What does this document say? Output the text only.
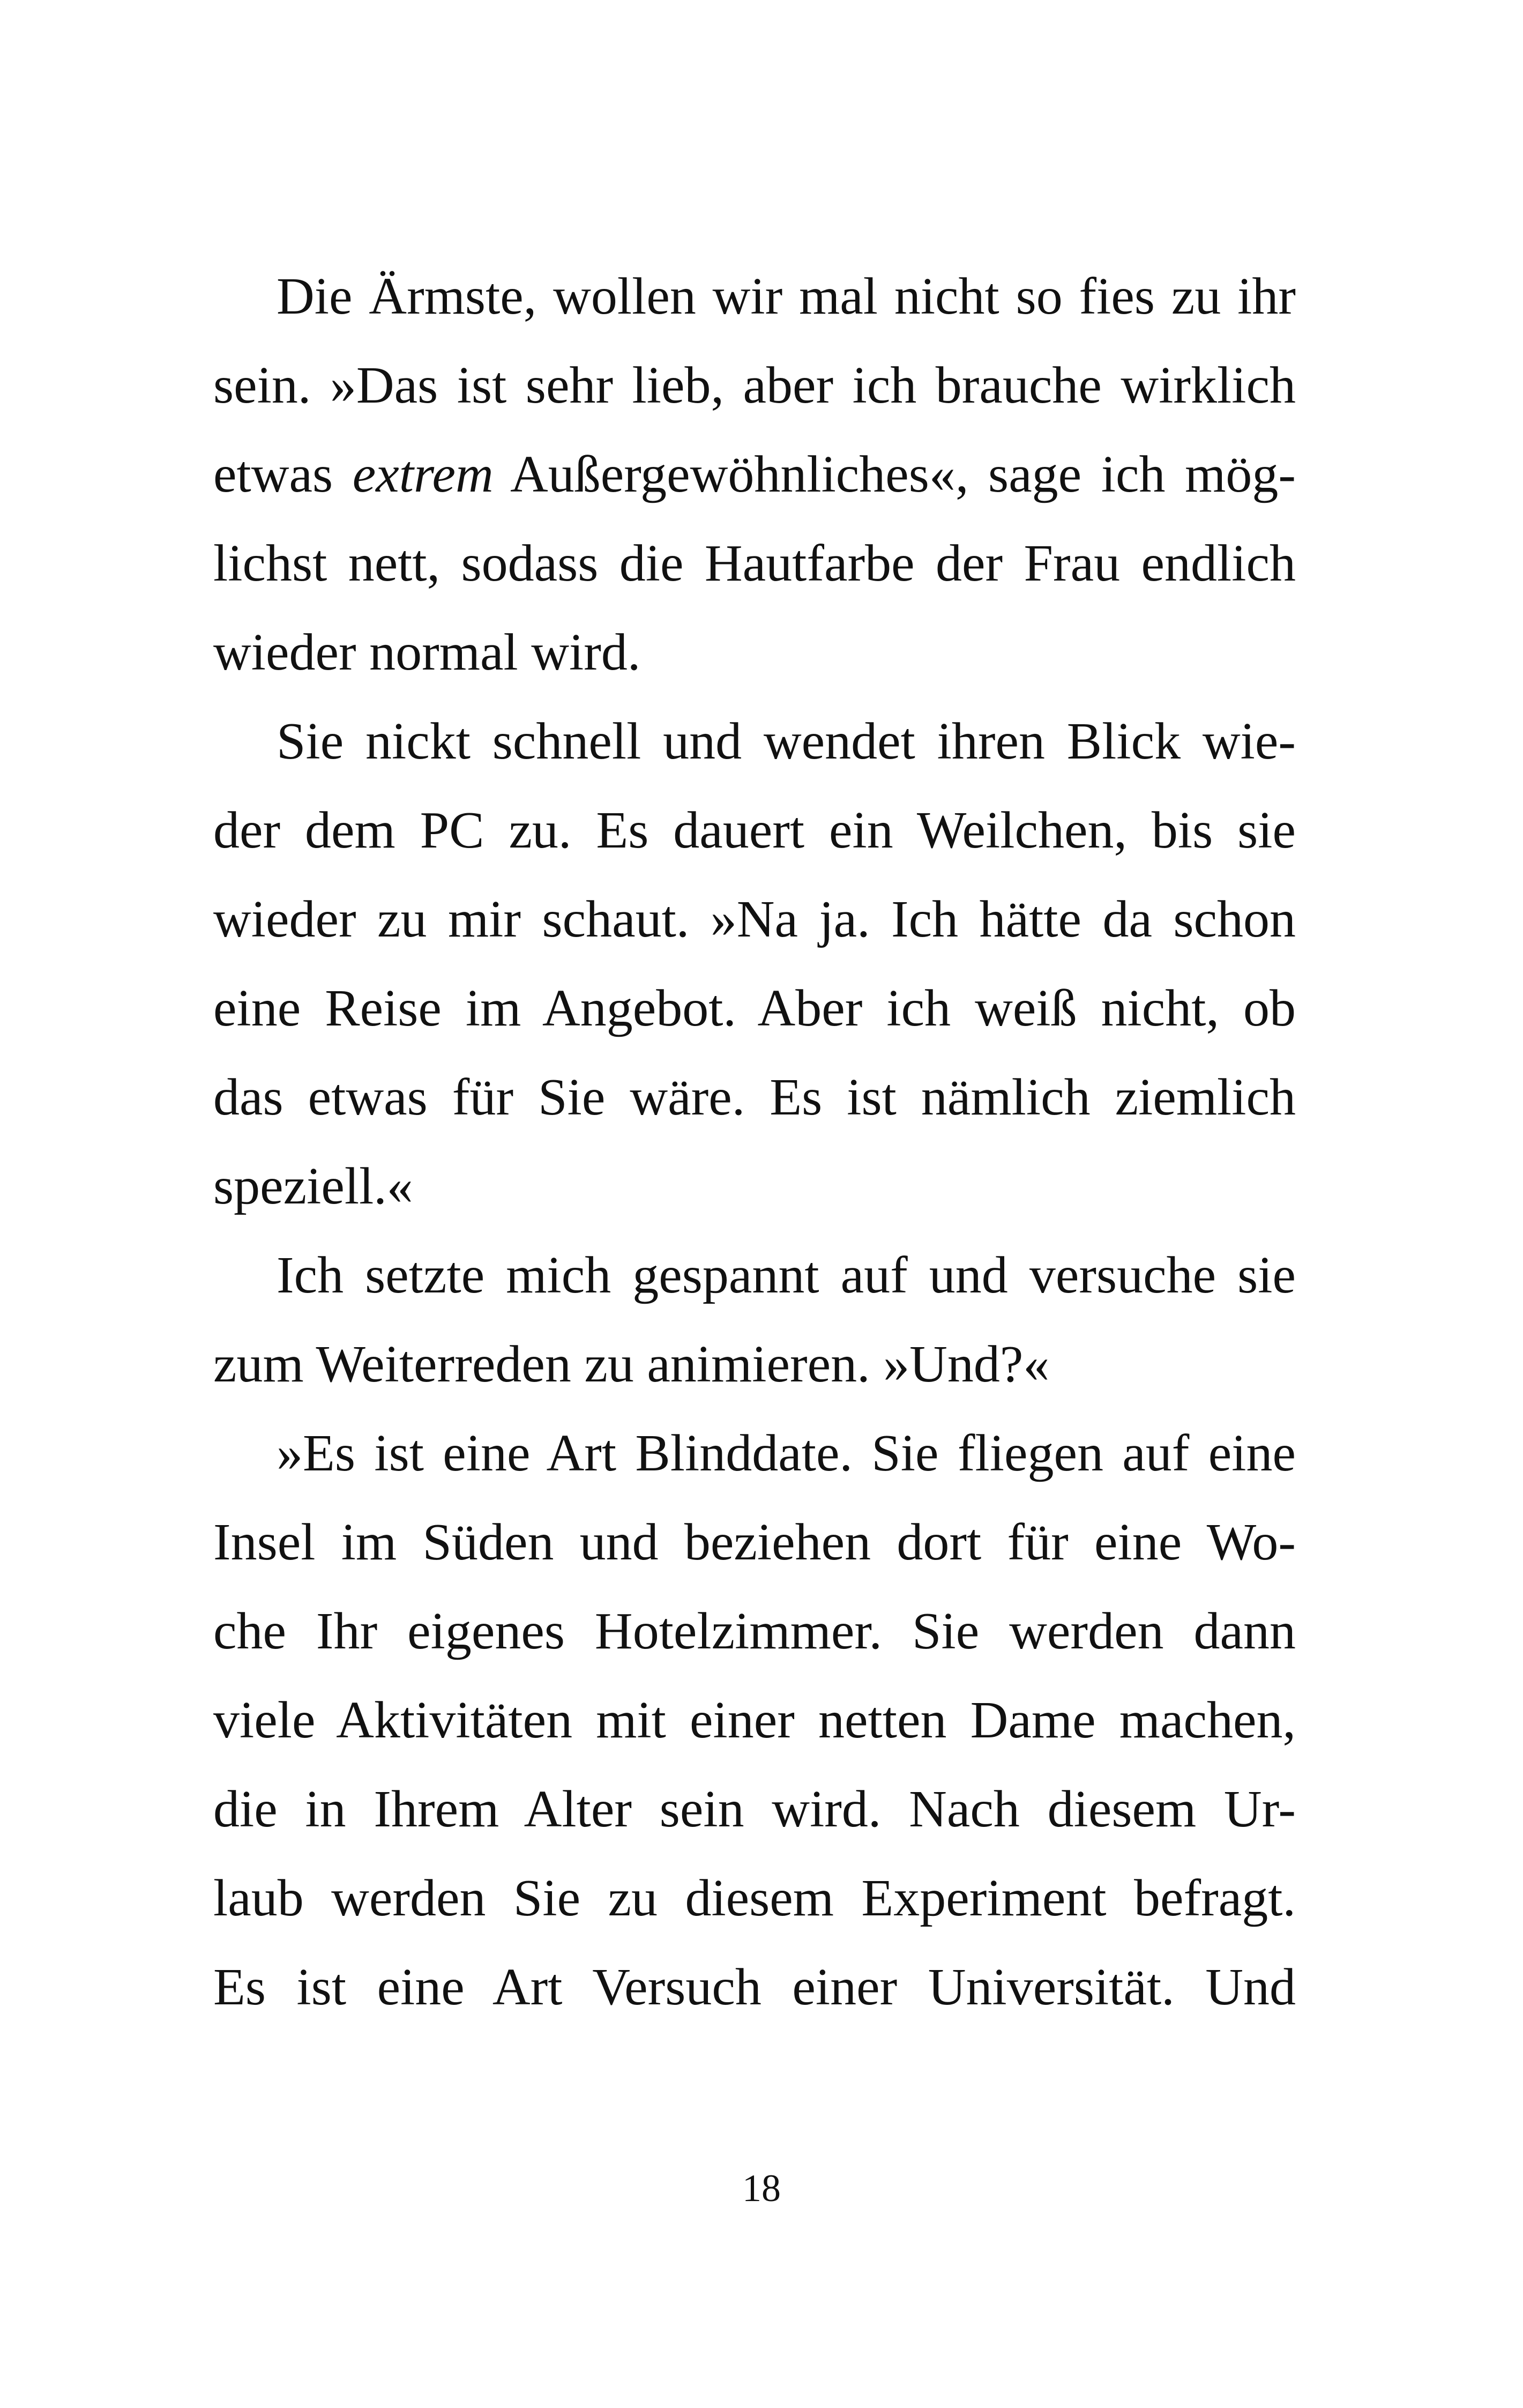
Die Ärmste, wollen wir mal nicht so fies zu ihr
sein. »Das ist sehr lieb, aber ich brauche wirklich
etwas extrem Außergewöhnliches«, sage ich mög-
lichst nett, sodass die Hautfarbe der Frau endlich
wieder normal wird.
Sie nickt schnell und wendet ihren Blick wie-
der dem PC zu. Es dauert ein Weilchen, bis sie
wieder zu mir schaut. »Na ja. Ich hätte da schon
eine Reise im Angebot. Aber ich weiß nicht, ob
das etwas für Sie wäre. Es ist nämlich ziemlich
speziell.«
Ich setzte mich gespannt auf und versuche sie
zum Weiterreden zu animieren. »Und?«
»Es ist eine Art Blinddate. Sie fliegen auf eine
Insel im Süden und beziehen dort für eine Wo-
che Ihr eigenes Hotelzimmer. Sie werden dann
viele Aktivitäten mit einer netten Dame machen,
die in Ihrem Alter sein wird. Nach diesem Ur-
laub werden Sie zu diesem Experiment befragt.
Es ist eine Art Versuch einer Universität. Und
18
